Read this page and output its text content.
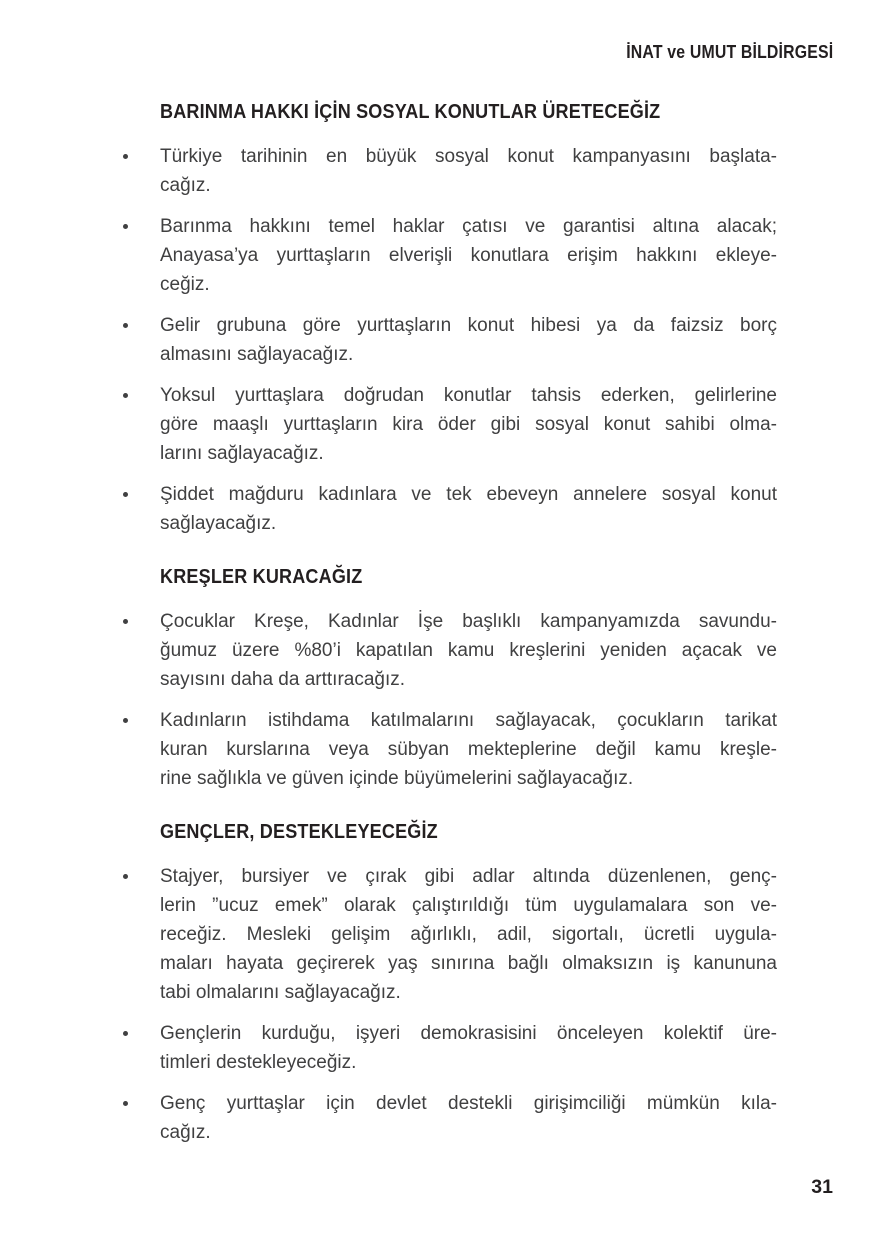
İNAT ve UMUT BİLDİRGESİ
BARINMA HAKKI İÇİN SOSYAL KONUTLAR ÜRETECEĞİZ
Türkiye tarihinin en büyük sosyal konut kampanyasını başlata-
cağız.
Barınma hakkını temel haklar çatısı ve garantisi altına alacak;
Anayasa’ya yurttaşların elverişli konutlara erişim hakkını ekleye-
ceğiz.
Gelir grubuna göre yurttaşların konut hibesi ya da faizsiz borç
almasını sağlayacağız.
Yoksul yurttaşlara doğrudan konutlar tahsis ederken, gelirlerine
göre maaşlı yurttaşların kira öder gibi sosyal konut sahibi olma-
larını sağlayacağız.
Şiddet mağduru kadınlara ve tek ebeveyn annelere sosyal konut
sağlayacağız.
KREŞLER KURACAĞIZ
Çocuklar Kreşe, Kadınlar İşe başlıklı kampanyamızda savundu-
ğumuz üzere %80’i kapatılan kamu kreşlerini yeniden açacak ve
sayısını daha da arttıracağız.
Kadınların istihdama katılmalarını sağlayacak, çocukların tarikat
kuran kurslarına veya sübyan mekteplerine değil kamu kreşle-
rine sağlıkla ve güven içinde büyümelerini sağlayacağız.
GENÇLER, DESTEKLEYECEĞİZ
Stajyer, bursiyer ve çırak gibi adlar altında düzenlenen, genç-
lerin ”ucuz emek” olarak çalıştırıldığı tüm uygulamalara son ve-
receğiz. Mesleki gelişim ağırlıklı, adil, sigortalı, ücretli uygula-
maları hayata geçirerek yaş sınırına bağlı olmaksızın iş kanununa
tabi olmalarını sağlayacağız.
Gençlerin kurduğu, işyeri demokrasisini önceleyen kolektif üre-
timleri destekleyeceğiz.
Genç yurttaşlar için devlet destekli girişimciliği mümkün kıla-
cağız.
31
